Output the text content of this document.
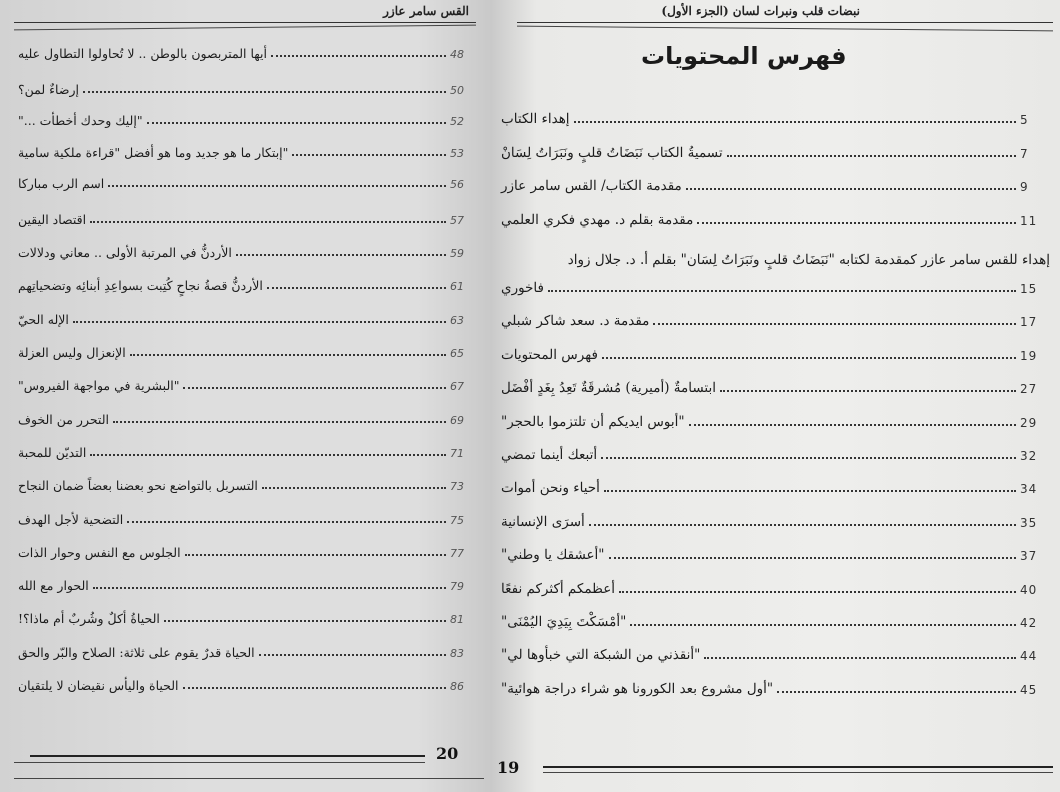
القس سامر عازر
أيها المتربصون بالوطن .. لا تُحاولوا التطاول عليه	48
إرضاءٌ لمن؟	50
"إليك وحدك أخطأت ..."	52
"إبتكار ما هو جديد وما هو أفضل "قراءة ملكية سامية	53
اسم الرب مباركا	56
اقتصاد اليقين	57
الأردنُّ في المرتبة الأولى .. معاني ودلالات	59
الأردنُّ قصةُ نجاحٍ كُتِبت بسواعِدِ أبنائِه وتضحياتِهم	61
الإله الحيّ	63
الإنعزال وليس العزلة	65
"البشرية في مواجهة الفيروس"	67
التحرر من الخوف	69
التديّن للمحبة	71
التسربل بالتواضع نحو بعضنا بعضاً ضمان النجاح	73
التضحية لأجل الهدف	75
الجلوس مع النفس وحوار الذات	77
الحوار مع الله	79
الحياةُ أكلٌ وشُربٌ أم ماذا؟!	81
الحياة قدرٌ يقوم على ثلاثة: الصلاح والبّر والحق	83
الحياة واليأس نقيضان لا يلتقيان	86
20
نبضات قلب ونبرات لسان (الجزء الأول)
فهرس المحتويات
إهداء الكتاب	5
تسميةُ الكتاب نَبَضَاتُ قلبٍ ونَبَرَاتُ لِسَانْ	7
مقدمة الكتاب/ القس سامر عازر	9
مقدمة بقلم د. مهدي فكري العلمي	11
فاخوري	15
مقدمة د. سعد شاكر شبلي	17
فهرس المحتويات	19
ابتسامةٌ (أميرية) مُشرقَةٌ تَعِدُ بِغَدٍ أفْضَل	27
"أبوس ايديكم أن تلتزموا بالحجر"	29
أتبعك أينما تمضي	32
أحياء ونحن أموات	34
أسرَى الإنسانية	35
"أعشقك يا وطني"	37
أعظمكم أكثركم نفعًا	40
"أمْسَكْتَ بِيَدِيَ اليُمْنَى"	42
"أنقذني من الشبكة التي خبأوها لي"	44
"أول مشروع بعد الكورونا هو شراء دراجة هوائية"	45
إهداء للقس سامر عازر كمقدمة لكتابه "نَبَضَاتُ قلبٍ ونَبَرَاتُ لِسَان" بقلم أ. د. جلال زواد
19
